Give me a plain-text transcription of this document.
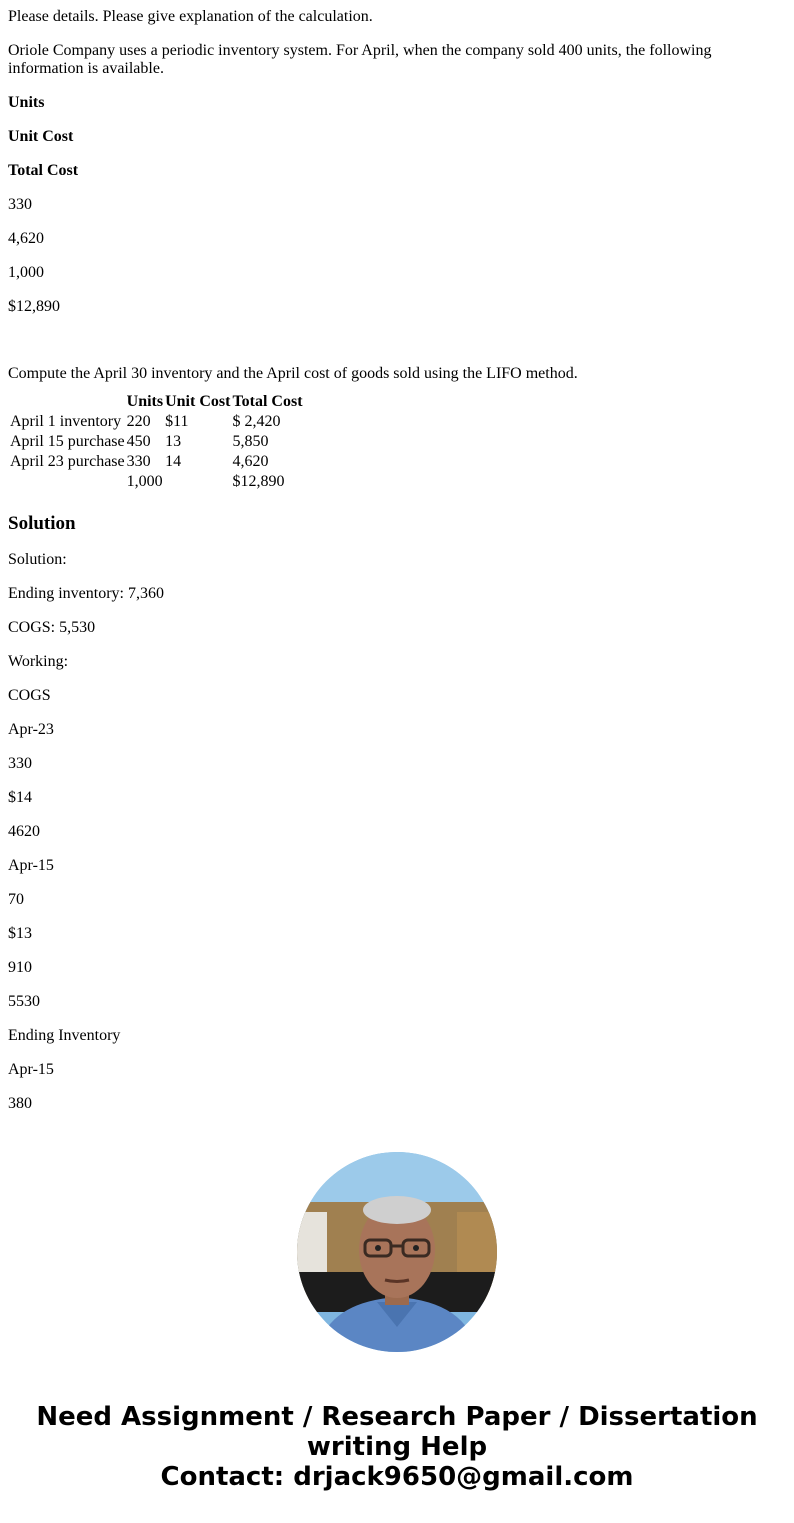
Please details. Please give explanation of the calculation.

Oriole Company uses a periodic inventory system. For April, when the company sold 400 units, the following information is available.

Units

Unit Cost

Total Cost

330

4,620

1,000

$12,890

Compute the April 30 inventory and the April cost of goods sold using the LIFO method.

	Units	Unit Cost	Total Cost
April 1 inventory	220	$11	$ 2,420
April 15 purchase	450	13	5,850
April 23 purchase	330	14	4,620
	1,000		$12,890
Solution

Solution:

Ending inventory: 7,360

COGS: 5,530

Working:

COGS

Apr-23

330

$14

4620

Apr-15

70

$13

910

5530

Ending Inventory

Apr-15

380

Need Assignment / Research Paper / Dissertation
writing Help
Contact: drjack9650@gmail.com
